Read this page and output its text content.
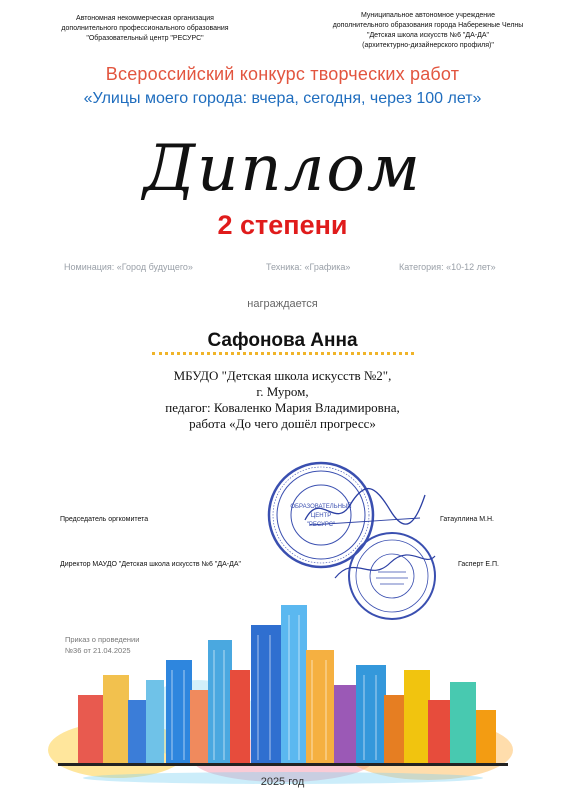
Автономная некоммерческая организация
дополнительного профессионального образования
"Образовательный центр "РЕСУРС"
Муниципальное автономное учреждение
дополнительного образования города Набережные Челны
"Детская школа искусств №6 "ДА-ДА"
(архитектурно-дизайнерского профиля)"
Всероссийский конкурс творческих работ
«Улицы моего города: вчера, сегодня, через 100 лет»
Диплом
2 степени
Номинация: «Город будущего»	Техника: «Графика»	Категория: «10-12 лет»
награждается
Сафонова Анна
МБУДО "Детская школа искусств №2",
г. Муром,
педагог: Коваленко Мария Владимировна,
работа «До чего дошёл прогресс»
ОБРАЗОВАТЕЛЬНЫЙ
ЦЕНТР
"РЕСУРС"
Председатель оргкомитета	Гатауллина М.Н.
Директор МАУДО "Детская школа искусств №6 "ДА-ДА"	Гасперт Е.П.
Приказ о проведении
№36 от 21.04.2025
2025 год
